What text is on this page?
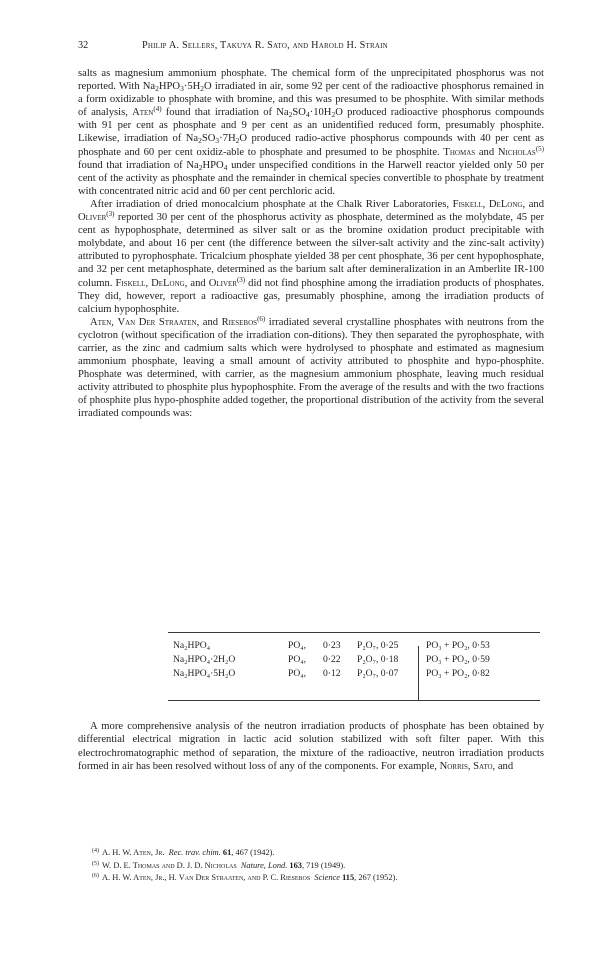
32	Philip A. Sellers, Takuya R. Sato, and Harold H. Strain

salts as magnesium ammonium phosphate. The chemical form of the unprecipitated phosphorus was not reported. With $Na_2HPO_3\cdot 5H_2O$ irradiated in air, some 92 per cent of the radioactive phosphorus remained in a form oxidizable to phosphate with bromine, and this was presumed to be phosphite. With similar methods of analysis, Aten$^{(4)}$ found that irradiation of $Na_2SO_4\cdot 10H_2O$ produced radioactive phosphorus compounds with 91 per cent as phosphate and 9 per cent as an unidentified reduced form, presumably phosphite. Likewise, irradiation of $Na_2SO_3\cdot 7H_2O$ produced radio-active phosphorus compounds with 40 per cent as phosphate and 60 per cent oxidiz-able to phosphate and presumed to be phosphite. Thomas and Nicholas$^{(5)}$ found that irradiation of $Na_2HPO_4$ under unspecified conditions in the Harwell reactor yielded only 50 per cent of the activity as phosphate and the remainder in chemical species convertible to phosphate by treatment with concentrated nitric acid and 60 per cent perchloric acid.

After irradiation of dried monocalcium phosphate at the Chalk River Laboratories, Fiskell, DeLong, and Oliver$^{(3)}$ reported 30 per cent of the phosphorus activity as phosphate, determined as the molybdate, 45 per cent as hypophosphate, determined as silver salt or as the bromine oxidation product precipitable with molybdate, and about 16 per cent (the difference between the silver-salt activity and the zinc-salt activity) attributed to pyrophosphate. Tricalcium phosphate yielded 38 per cent phosphate, 36 per cent hypophosphate, and 32 per cent metaphosphate, determined as the barium salt after demineralization in an Amberlite IR-100 column. Fiskell, DeLong, and Oliver$^{(3)}$ did not find phosphine among the irradiation products of phosphates. They did, however, report a radioactive gas, presumably phosphine, among the irradiation products of calcium hypophosphite.

Aten, Van Der Straaten, and Riesebos$^{(6)}$ irradiated several crystalline phosphates with neutrons from the cyclotron (without specification of the irradiation con-ditions). They then separated the pyrophosphate, with carrier, as the zinc and cadmium salts which were hydrolysed to phosphate and estimated as magnesium ammonium phosphate, leaving a small amount of activity attributed to phosphite and hypo-phosphite. Phosphate was determined, with carrier, as the magnesium ammonium phosphate, leaving much residual activity attributed to phosphite plus hypophosphite. From the average of the results and with the two fractions of phosphite plus hypo-phosphite added together, the proportional distribution of the activity from the several irradiated compounds was:

Na₂HPO₄	PO₄, 0·23 P₂O₇, 0·25	PO₃ + PO₂, 0·53
Na₂HPO₄·2H₂O	PO₄, 0·22 P₂O₇, 0·18	PO₃ + PO₂, 0·59
Na₂HPO₄·5H₂O	PO₄, 0·12 P₂O₇, 0·07	PO₃ + PO₂, 0·82

A more comprehensive analysis of the neutron irradiation products of phosphate has been obtained by differential electrical migration in lactic acid solution stabilized with soft filter paper. With this electrochromatographic method of separation, the mixture of the radioactive, neutron irradiation products formed in air has been resolved without loss of any of the components. For example, Norris, Sato, and

$^{(4)}$ A. H. W. Aten, Jr. Rec. trav. chim. 61, 467 (1942).
$^{(5)}$ W. D. E. Thomas and D. J. D. Nicholas Nature, Lond. 163, 719 (1949).
$^{(6)}$ A. H. W. Aten, Jr., H. Van Der Straaten, and P. C. Riesebos Science 115, 267 (1952).
